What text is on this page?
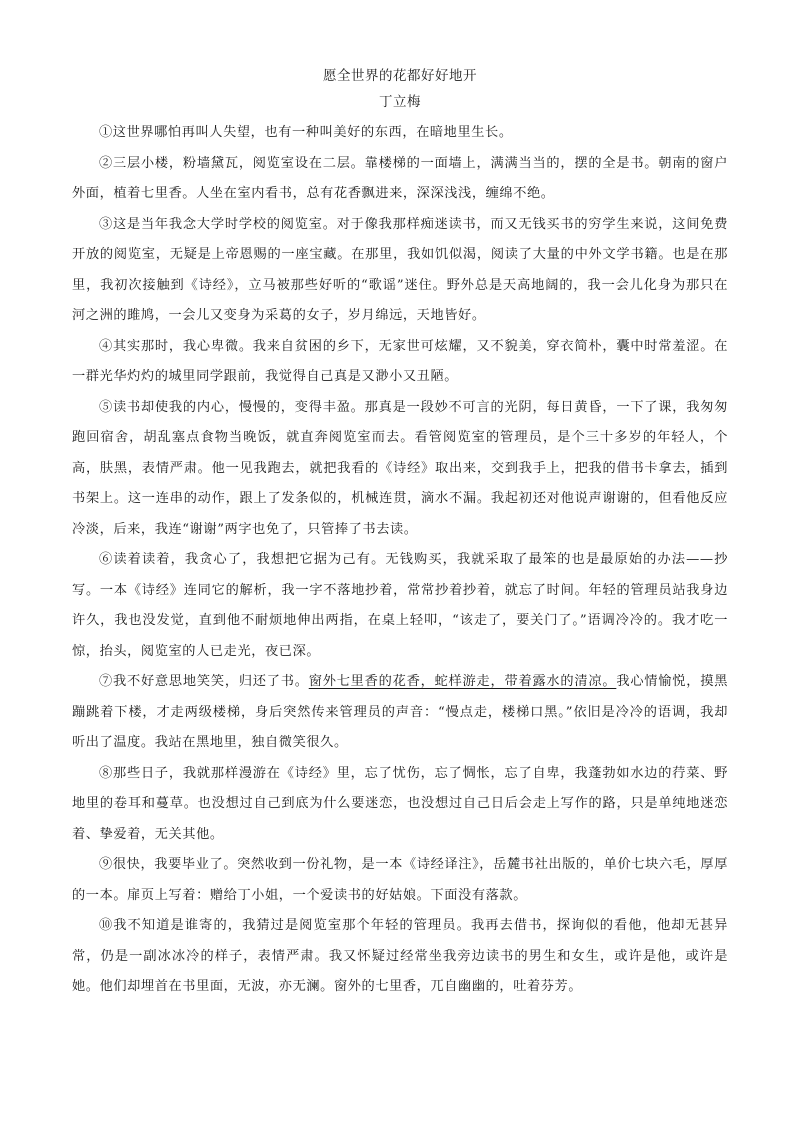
愿全世界的花都好好地开
丁立梅

①这世界哪怕再叫人失望，也有一种叫美好的东西，在暗地里生长。

②三层小楼，粉墙黛瓦，阅览室设在二层。靠楼梯的一面墙上，满满当当的，摆的全是书。朝南的窗户外面，植着七里香。人坐在室内看书，总有花香飘进来，深深浅浅，缠绵不绝。

③这是当年我念大学时学校的阅览室。对于像我那样痴迷读书，而又无钱买书的穷学生来说，这间免费开放的阅览室，无疑是上帝恩赐的一座宝藏。在那里，我如饥似渴，阅读了大量的中外文学书籍。也是在那里，我初次接触到《诗经》，立马被那些好听的“歌谣”迷住。野外总是天高地阔的，我一会儿化身为那只在河之洲的雎鸠，一会儿又变身为采葛的女子，岁月绵远，天地皆好。

④其实那时，我心卑微。我来自贫困的乡下，无家世可炫耀，又不貌美，穿衣简朴，囊中时常羞涩。在一群光华灼灼的城里同学跟前，我觉得自己真是又渺小又丑陋。

⑤读书却使我的内心，慢慢的，变得丰盈。那真是一段妙不可言的光阴，每日黄昏，一下了课，我匆匆跑回宿舍，胡乱塞点食物当晚饭，就直奔阅览室而去。看管阅览室的管理员，是个三十多岁的年轻人，个高，肤黑，表情严肃。他一见我跑去，就把我看的《诗经》取出来，交到我手上，把我的借书卡拿去，插到书架上。这一连串的动作，跟上了发条似的，机械连贯，滴水不漏。我起初还对他说声谢谢的，但看他反应冷淡，后来，我连“谢谢”两字也免了，只管捧了书去读。

⑥读着读着，我贪心了，我想把它据为己有。无钱购买，我就采取了最笨的也是最原始的办法——抄写。一本《诗经》连同它的解析，我一字不落地抄着，常常抄着抄着，就忘了时间。年轻的管理员站我身边许久，我也没发觉，直到他不耐烦地伸出两指，在桌上轻叩，“该走了，要关门了。”语调冷冷的。我才吃一惊，抬头，阅览室的人已走光，夜已深。

⑦我不好意思地笑笑，归还了书。窗外七里香的花香，蛇样游走，带着露水的清凉。我心情愉悦，摸黑蹦跳着下楼，才走两级楼梯，身后突然传来管理员的声音：“慢点走，楼梯口黑。”依旧是冷冷的语调，我却听出了温度。我站在黑地里，独自微笑很久。

⑧那些日子，我就那样漫游在《诗经》里，忘了忧伤，忘了惆怅，忘了自卑，我蓬勃如水边的荇菜、野地里的卷耳和蔓草。也没想过自己到底为什么要迷恋，也没想过自己日后会走上写作的路，只是单纯地迷恋着、挚爱着，无关其他。

⑨很快，我要毕业了。突然收到一份礼物，是一本《诗经译注》，岳麓书社出版的，单价七块六毛，厚厚的一本。扉页上写着：赠给丁小姐，一个爱读书的好姑娘。下面没有落款。

⑩我不知道是谁寄的，我猜过是阅览室那个年轻的管理员。我再去借书，探询似的看他，他却无甚异常，仍是一副冰冰冷的样子，表情严肃。我又怀疑过经常坐我旁边读书的男生和女生，或许是他，或许是她。他们却埋首在书里面，无波，亦无澜。窗外的七里香，兀自幽幽的，吐着芬芳。
